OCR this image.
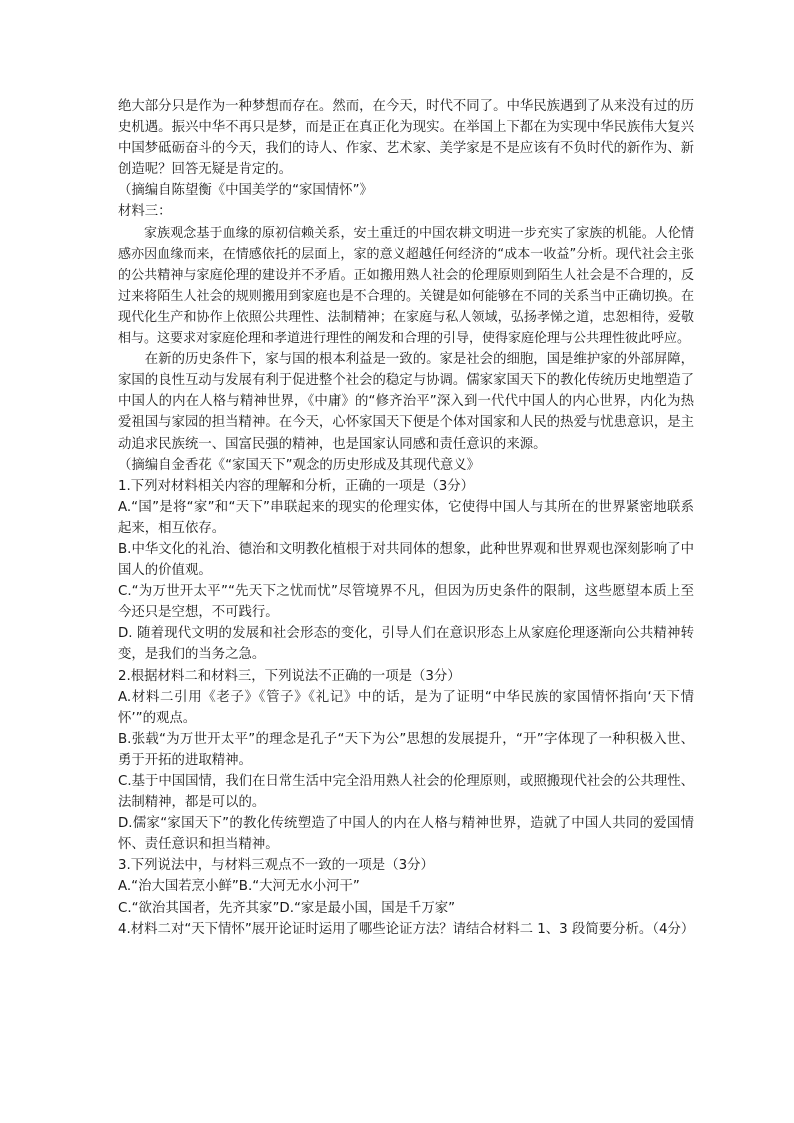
绝大部分只是作为一种梦想而存在。然而，在今天，时代不同了。中华民族遇到了从来没有过的历史机遇。振兴中华不再只是梦，而是正在真正化为现实。在举国上下都在为实现中华民族伟大复兴中国梦砥砺奋斗的今天，我们的诗人、作家、艺术家、美学家是不是应该有不负时代的新作为、新创造呢？回答无疑是肯定的。

（摘编自陈望衡《中国美学的“家国情怀”》

材料三：

家族观念基于血缘的原初信赖关系，安土重迁的中国农耕文明进一步充实了家族的机能。人伦情感亦因血缘而来，在情感依托的层面上，家的意义超越任何经济的“成本一收益”分析。现代社会主张的公共精神与家庭伦理的建设并不矛盾。正如搬用熟人社会的伦理原则到陌生人社会是不合理的，反过来将陌生人社会的规则搬用到家庭也是不合理的。关键是如何能够在不同的关系当中正确切换。在现代化生产和协作上依照公共理性、法制精神；在家庭与私人领域，弘扬孝悌之道，忠恕相待，爱敬相与。这要求对家庭伦理和孝道进行理性的阐发和合理的引导，使得家庭伦理与公共理性彼此呼应。

在新的历史条件下，家与国的根本利益是一致的。家是社会的细胞，国是维护家的外部屏障，家国的良性互动与发展有利于促进整个社会的稳定与协调。儒家家国天下的教化传统历史地塑造了中国人的内在人格与精神世界，《中庸》的“修齐治平”深入到一代代中国人的内心世界，内化为热爱祖国与家园的担当精神。在今天，心怀家国天下便是个体对国家和人民的热爱与忧患意识，是主动追求民族统一、国富民强的精神，也是国家认同感和责任意识的来源。

（摘编自金香花《“家国天下”观念的历史形成及其现代意义》

1.下列对材料相关内容的理解和分析，正确的一项是（3分）

A.“国”是将“家”和“天下”串联起来的现实的伦理实体，它使得中国人与其所在的世界紧密地联系起来，相互依存。

B.中华文化的礼治、德治和文明教化植根于对共同体的想象，此种世界观和世界观也深刻影响了中国人的价值观。

C.“为万世开太平”“先天下之忧而忧”尽管境界不凡，但因为历史条件的限制，这些愿望本质上至今还只是空想，不可践行。

D. 随着现代文明的发展和社会形态的变化，引导人们在意识形态上从家庭伦理逐渐向公共精神转变，是我们的当务之急。

2.根据材料二和材料三，下列说法不正确的一项是（3分）

A.材料二引用《老子》《管子》《礼记》中的话，是为了证明“中华民族的家国情怀指向‘天下情怀’”的观点。

B.张载“为万世开太平”的理念是孔子“天下为公”思想的发展提升，“开”字体现了一种积极入世、勇于开拓的进取精神。

C.基于中国国情，我们在日常生活中完全沿用熟人社会的伦理原则，或照搬现代社会的公共理性、法制精神，都是可以的。

D.儒家“家国天下”的教化传统塑造了中国人的内在人格与精神世界，造就了中国人共同的爱国情怀、责任意识和担当精神。

3.下列说法中，与材料三观点不一致的一项是（3分）

A.“治大国若烹小鲜”B.“大河无水小河干”

C.“欲治其国者，先齐其家”D.“家是最小国，国是千万家”

4.材料二对“天下情怀”展开论证时运用了哪些论证方法？请结合材料二 1、3 段简要分析。（4分）
